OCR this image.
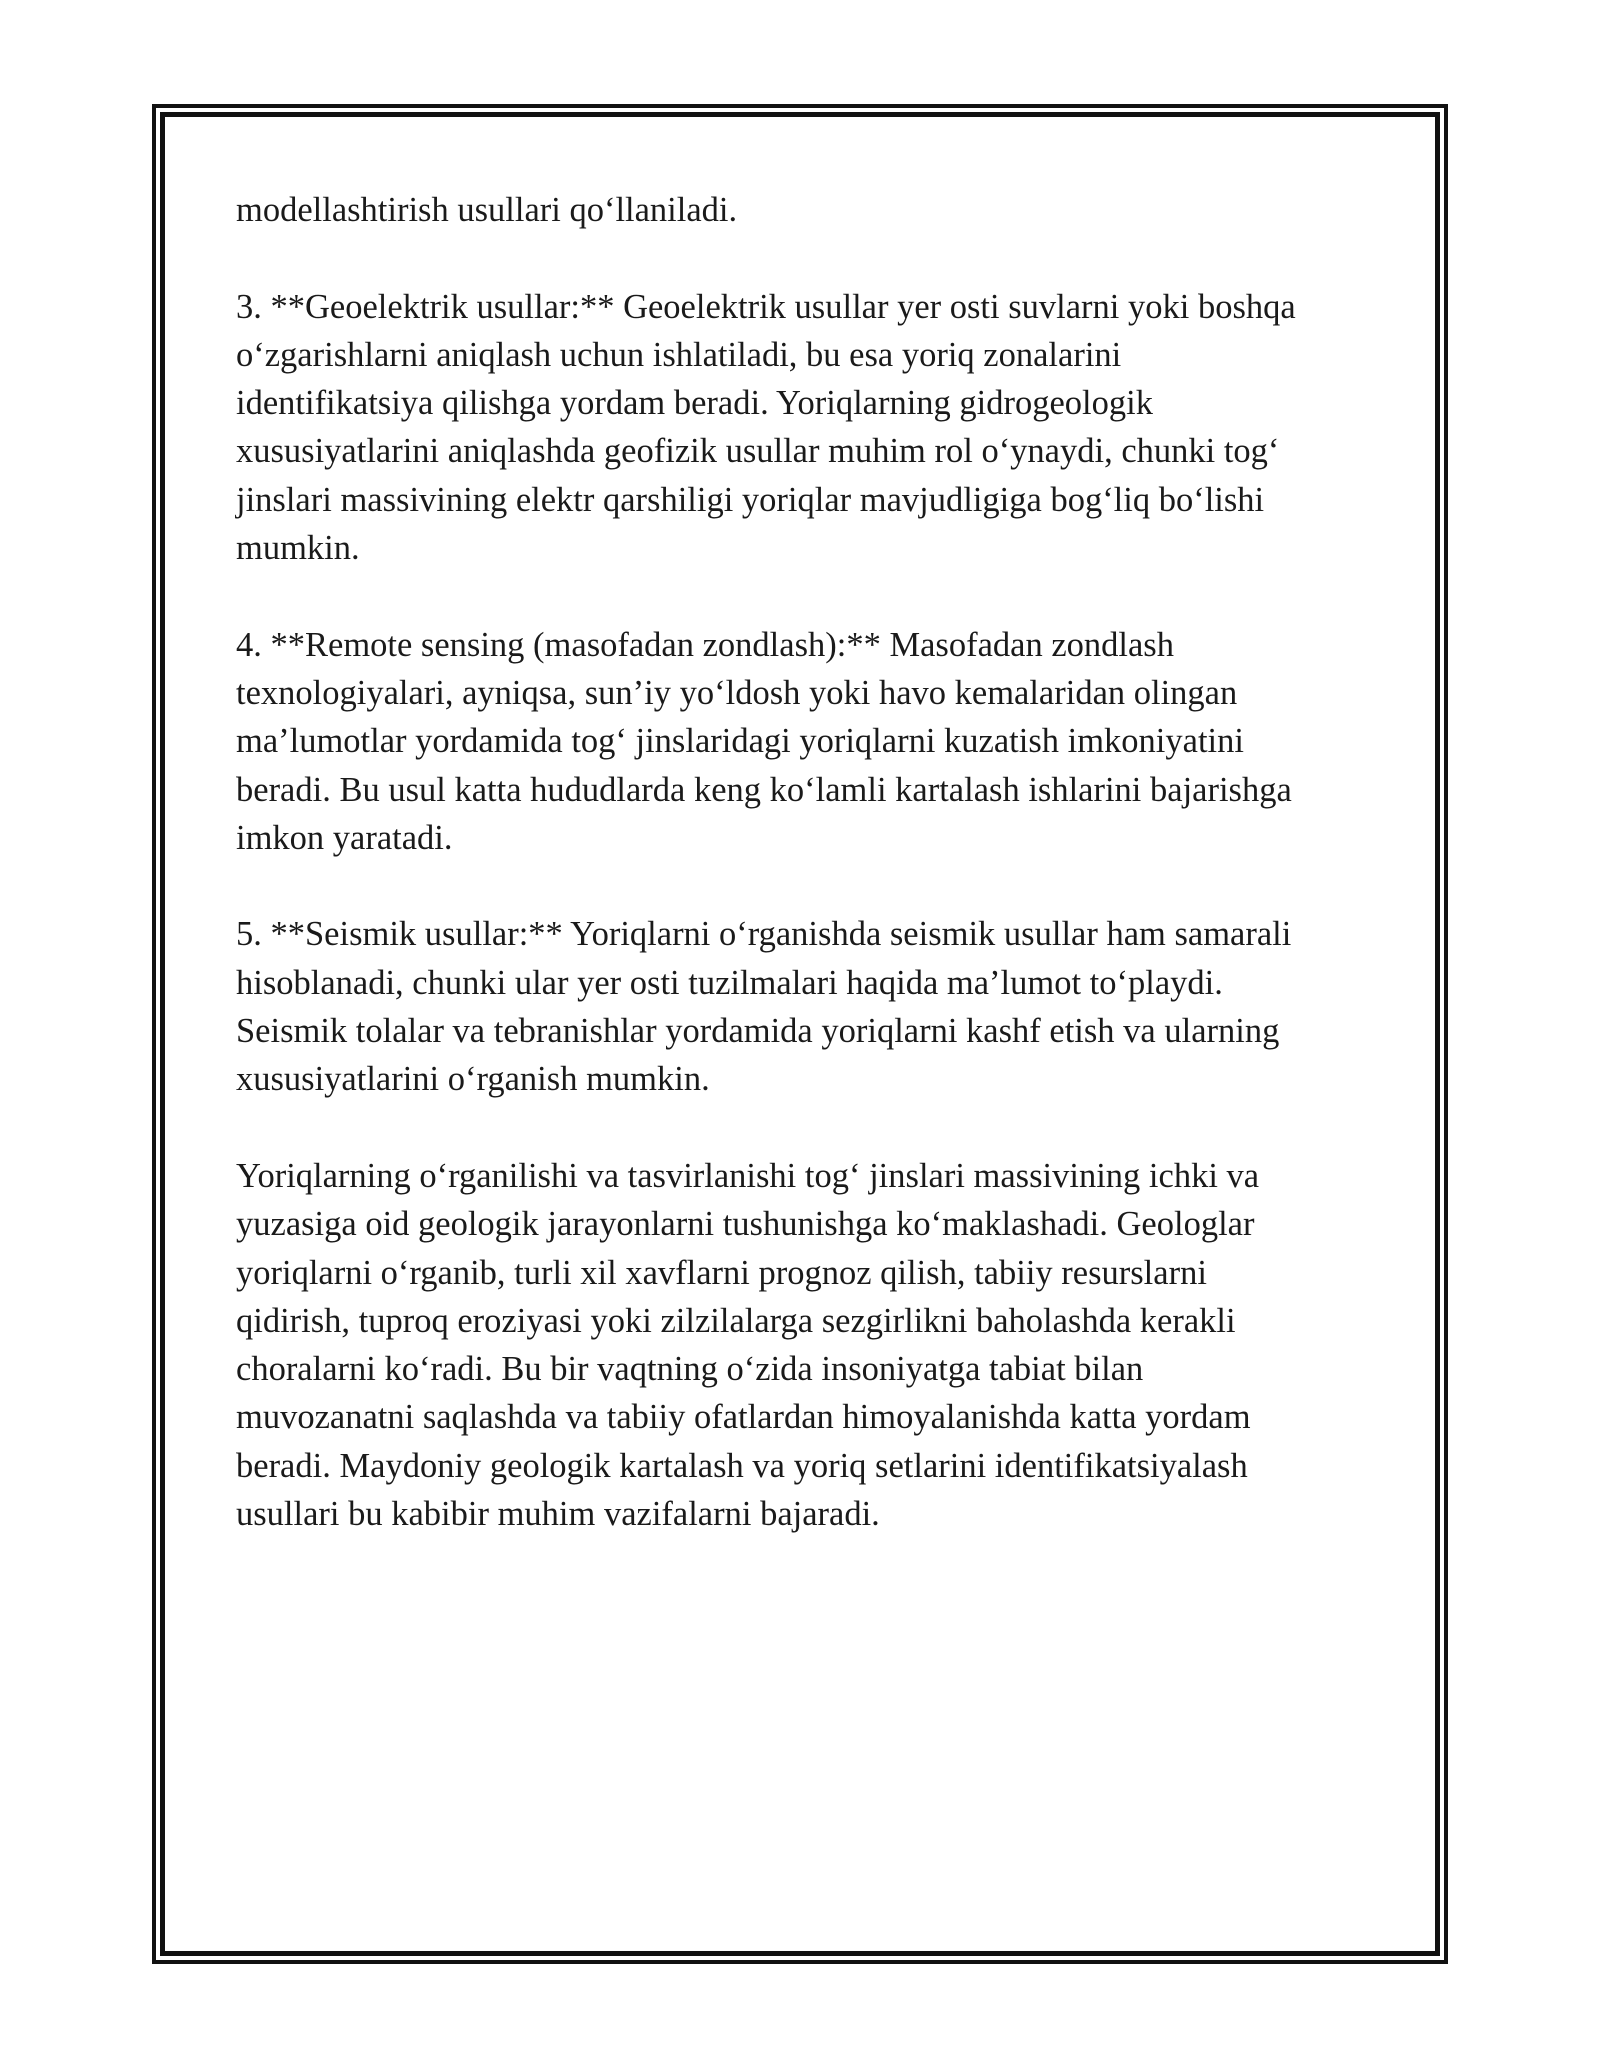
modellashtirish usullari qo‘llaniladi.

3. **Geoelektrik usullar:** Geoelektrik usullar yer osti suvlarni yoki boshqa
o‘zgarishlarni aniqlash uchun ishlatiladi, bu esa yoriq zonalarini
identifikatsiya qilishga yordam beradi. Yoriqlarning gidrogeologik
xususiyatlarini aniqlashda geofizik usullar muhim rol o‘ynaydi, chunki tog‘
jinslari massivining elektr qarshiligi yoriqlar mavjudligiga bog‘liq bo‘lishi
mumkin.

4. **Remote sensing (masofadan zondlash):** Masofadan zondlash
texnologiyalari, ayniqsa, sun’iy yo‘ldosh yoki havo kemalaridan olingan
ma’lumotlar yordamida tog‘ jinslaridagi yoriqlarni kuzatish imkoniyatini
beradi. Bu usul katta hududlarda keng ko‘lamli kartalash ishlarini bajarishga
imkon yaratadi.

5. **Seismik usullar:** Yoriqlarni o‘rganishda seismik usullar ham samarali
hisoblanadi, chunki ular yer osti tuzilmalari haqida ma’lumot to‘playdi.
Seismik tolalar va tebranishlar yordamida yoriqlarni kashf etish va ularning
xususiyatlarini o‘rganish mumkin.

Yoriqlarning o‘rganilishi va tasvirlanishi tog‘ jinslari massivining ichki va
yuzasiga oid geologik jarayonlarni tushunishga ko‘maklashadi. Geologlar
yoriqlarni o‘rganib, turli xil xavflarni prognoz qilish, tabiiy resurslarni
qidirish, tuproq eroziyasi yoki zilzilalarga sezgirlikni baholashda kerakli
choralarni ko‘radi. Bu bir vaqtning o‘zida insoniyatga tabiat bilan
muvozanatni saqlashda va tabiiy ofatlardan himoyalanishda katta yordam
beradi. Maydoniy geologik kartalash va yoriq setlarini identifikatsiyalash
usullari bu kabibir muhim vazifalarni bajaradi.
